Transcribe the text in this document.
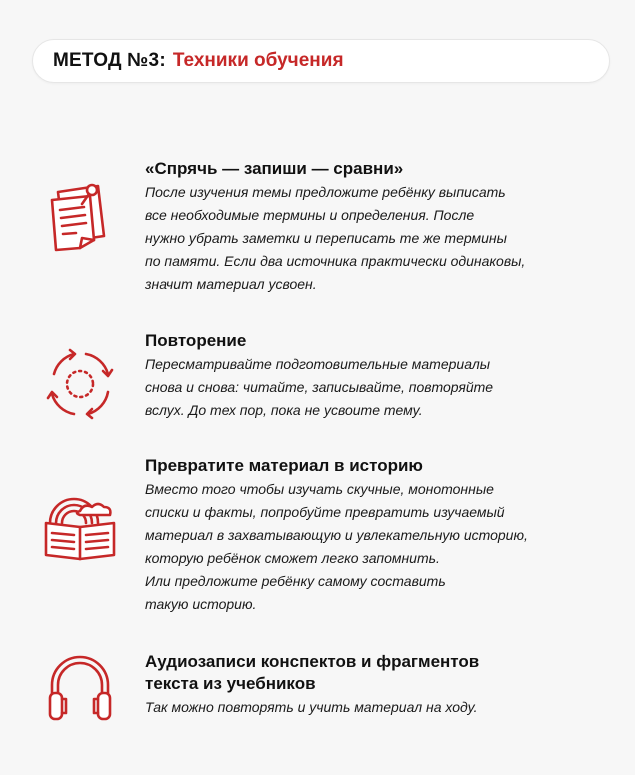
МЕТОД №3: Техники обучения
«Спрячь — запиши — сравни»
После изучения темы предложите ребёнку выписать
все необходимые термины и определения. После
нужно убрать заметки и переписать те же термины
по памяти. Если два источника практически одинаковы,
значит материал усвоен.
Повторение
Пересматривайте подготовительные материалы
снова и снова: читайте, записывайте, повторяйте
вслух. До тех пор, пока не усвоите тему.
Превратите материал в историю
Вместо того чтобы изучать скучные, монотонные
списки и факты, попробуйте превратить изучаемый
материал в захватывающую и увлекательную историю,
которую ребёнок сможет легко запомнить.
Или предложите ребёнку самому составить
такую историю.
Аудиозаписи конспектов и фрагментов
текста из учебников
Так можно повторять и учить материал на ходу.
